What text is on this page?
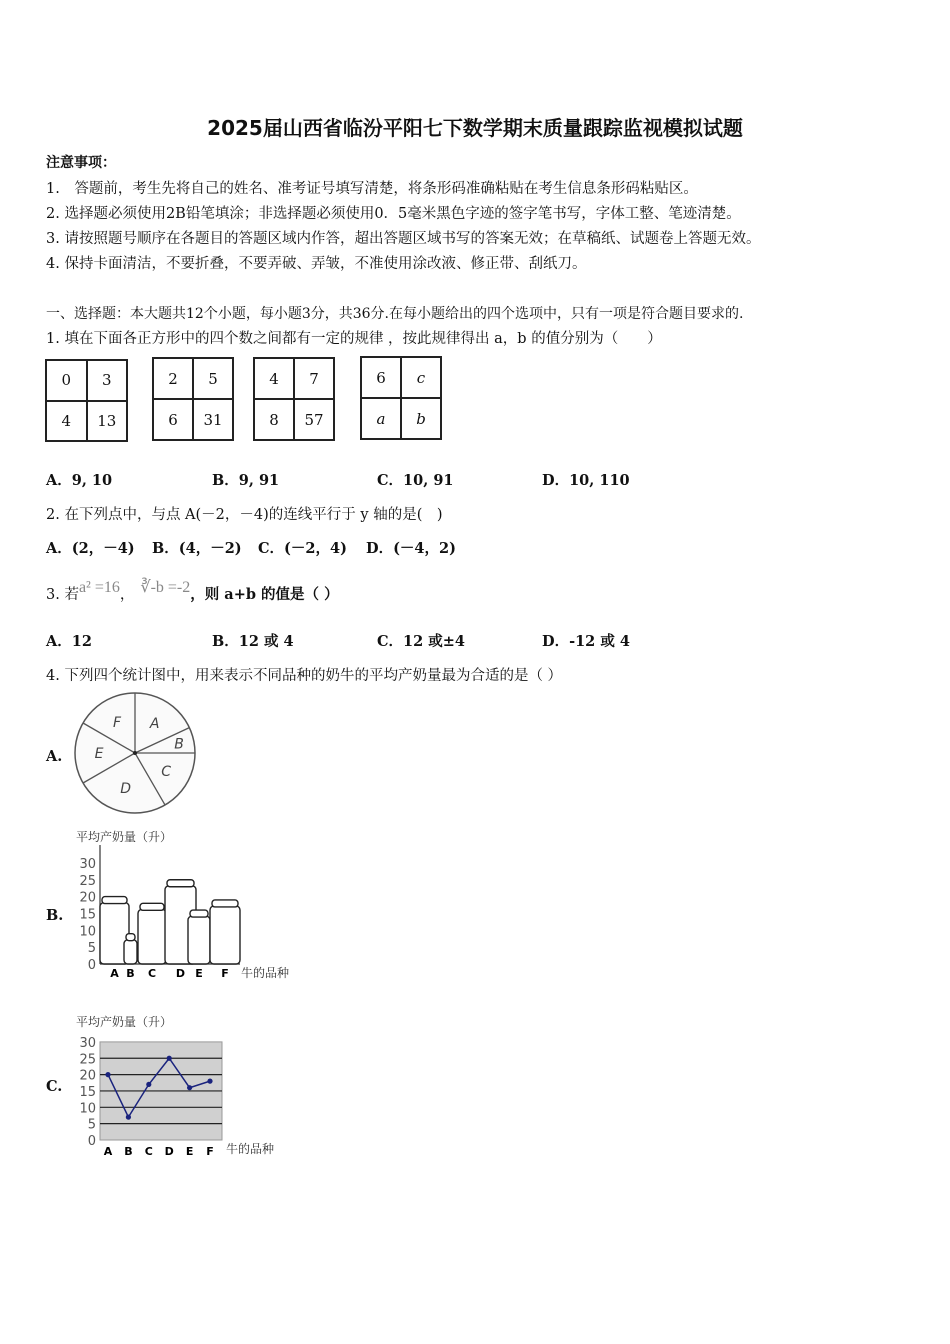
2025届山西省临汾平阳七下数学期末质量跟踪监视模拟试题
注意事项：
1.　答题前，考生先将自己的姓名、准考证号填写清楚，将条形码准确粘贴在考生信息条形码粘贴区。
2. 选择题必须使用2B铅笔填涂；非选择题必须使用0．5毫米黑色字迹的签字笔书写，字体工整、笔迹清楚。
3. 请按照题号顺序在各题目的答题区域内作答，超出答题区域书写的答案无效；在草稿纸、试题卷上答题无效。
4. 保持卡面清洁，不要折叠，不要弄破、弄皱，不准使用涂改液、修正带、刮纸刀。
一、选择题：本大题共12个小题，每小题3分，共36分.在每小题给出的四个选项中，只有一项是符合题目要求的.
1. 填在下面各正方形中的四个数之间都有一定的规律 ，按此规律得出 a，b 的值分别为（　　）
0	3
4	13
2	5
6	31
4	7
8	57
6	c
a	b
A．9, 10	B．9, 91	C．10, 91	D．10, 110
2. 在下列点中，与点 A(－2，－4)的连线平行于 y 轴的是(　)
A．(2，－4) B．(4，－2) C．(－2，4) D．(－4，2)
3. 若a² =16， ∛-b =-2，则 a+b 的值是（ ）
A．12	B．12 或 4	C．12 或±4	D．-12 或 4
4. 下列四个统计图中，用来表示不同品种的奶牛的平均产奶量最为合适的是（ ）
A.
B.
C.
A
B
C
D
E
F
平均产奶量（升）
0
5
10
15
20
25
30
牛的品种
A B C D E F
平均产奶量（升）
0
5
10
15
20
25
30
牛的品种
A B C D E F
